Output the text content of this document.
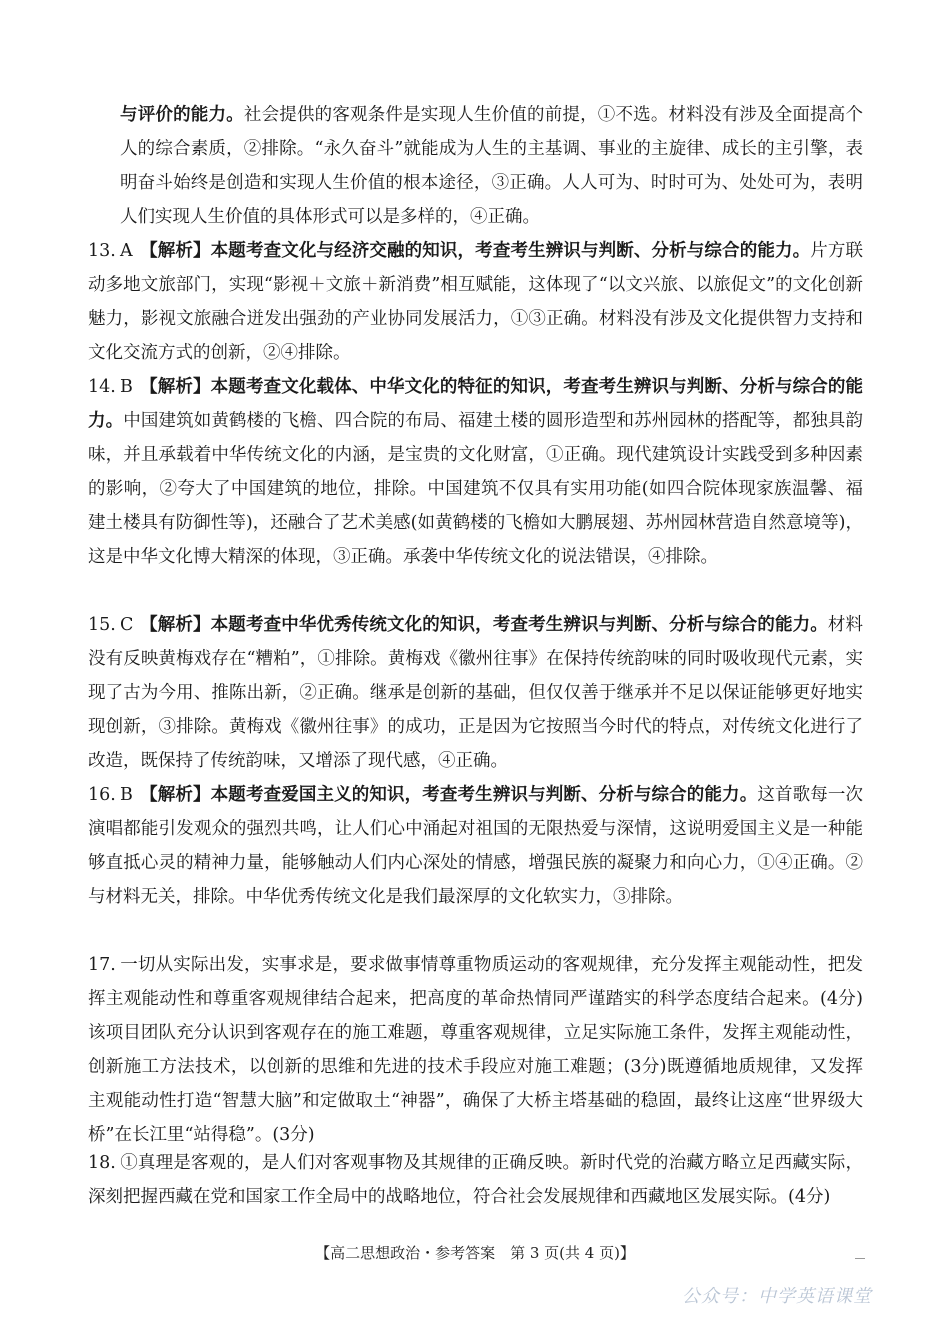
与评价的能力。社会提供的客观条件是实现人生价值的前提，①不选。材料没有涉及全面提高个人的综合素质，②排除。“永久奋斗”就能成为人生的主基调、事业的主旋律、成长的主引擎，表明奋斗始终是创造和实现人生价值的根本途径，③正确。人人可为、时时可为、处处可为，表明人们实现人生价值的具体形式可以是多样的，④正确。
13. A 【解析】本题考查文化与经济交融的知识，考查考生辨识与判断、分析与综合的能力。片方联动多地文旅部门，实现“影视＋文旅＋新消费”相互赋能，这体现了“以文兴旅、以旅促文”的文化创新魅力，影视文旅融合迸发出强劲的产业协同发展活力，①③正确。材料没有涉及文化提供智力支持和文化交流方式的创新，②④排除。
14. B 【解析】本题考查文化载体、中华文化的特征的知识，考查考生辨识与判断、分析与综合的能力。中国建筑如黄鹤楼的飞檐、四合院的布局、福建土楼的圆形造型和苏州园林的搭配等，都独具韵味，并且承载着中华传统文化的内涵，是宝贵的文化财富，①正确。现代建筑设计实践受到多种因素的影响，②夸大了中国建筑的地位，排除。中国建筑不仅具有实用功能(如四合院体现家族温馨、福建土楼具有防御性等)，还融合了艺术美感(如黄鹤楼的飞檐如大鹏展翅、苏州园林营造自然意境等)，这是中华文化博大精深的体现，③正确。承袭中华传统文化的说法错误，④排除。
15. C 【解析】本题考查中华优秀传统文化的知识，考查考生辨识与判断、分析与综合的能力。材料没有反映黄梅戏存在“糟粕”，①排除。黄梅戏《徽州往事》在保持传统韵味的同时吸收现代元素，实现了古为今用、推陈出新，②正确。继承是创新的基础，但仅仅善于继承并不足以保证能够更好地实现创新，③排除。黄梅戏《徽州往事》的成功，正是因为它按照当今时代的特点，对传统文化进行了改造，既保持了传统韵味，又增添了现代感，④正确。
16. B 【解析】本题考查爱国主义的知识，考查考生辨识与判断、分析与综合的能力。这首歌每一次演唱都能引发观众的强烈共鸣，让人们心中涌起对祖国的无限热爱与深情，这说明爱国主义是一种能够直抵心灵的精神力量，能够触动人们内心深处的情感，增强民族的凝聚力和向心力，①④正确。②与材料无关，排除。中华优秀传统文化是我们最深厚的文化软实力，③排除。
17. 一切从实际出发，实事求是，要求做事情尊重物质运动的客观规律，充分发挥主观能动性，把发挥主观能动性和尊重客观规律结合起来，把高度的革命热情同严谨踏实的科学态度结合起来。(4分)该项目团队充分认识到客观存在的施工难题，尊重客观规律，立足实际施工条件，发挥主观能动性，创新施工方法技术，以创新的思维和先进的技术手段应对施工难题；(3分)既遵循地质规律，又发挥主观能动性打造“智慧大脑”和定做取土“神器”，确保了大桥主塔基础的稳固，最终让这座“世界级大桥”在长江里“站得稳”。(3分)
18. ①真理是客观的，是人们对客观事物及其规律的正确反映。新时代党的治藏方略立足西藏实际，深刻把握西藏在党和国家工作全局中的战略地位，符合社会发展规律和西藏地区发展实际。(4分)
【高二思想政治・参考答案　第 3 页(共 4 页)】
公众号：中学英语课堂
